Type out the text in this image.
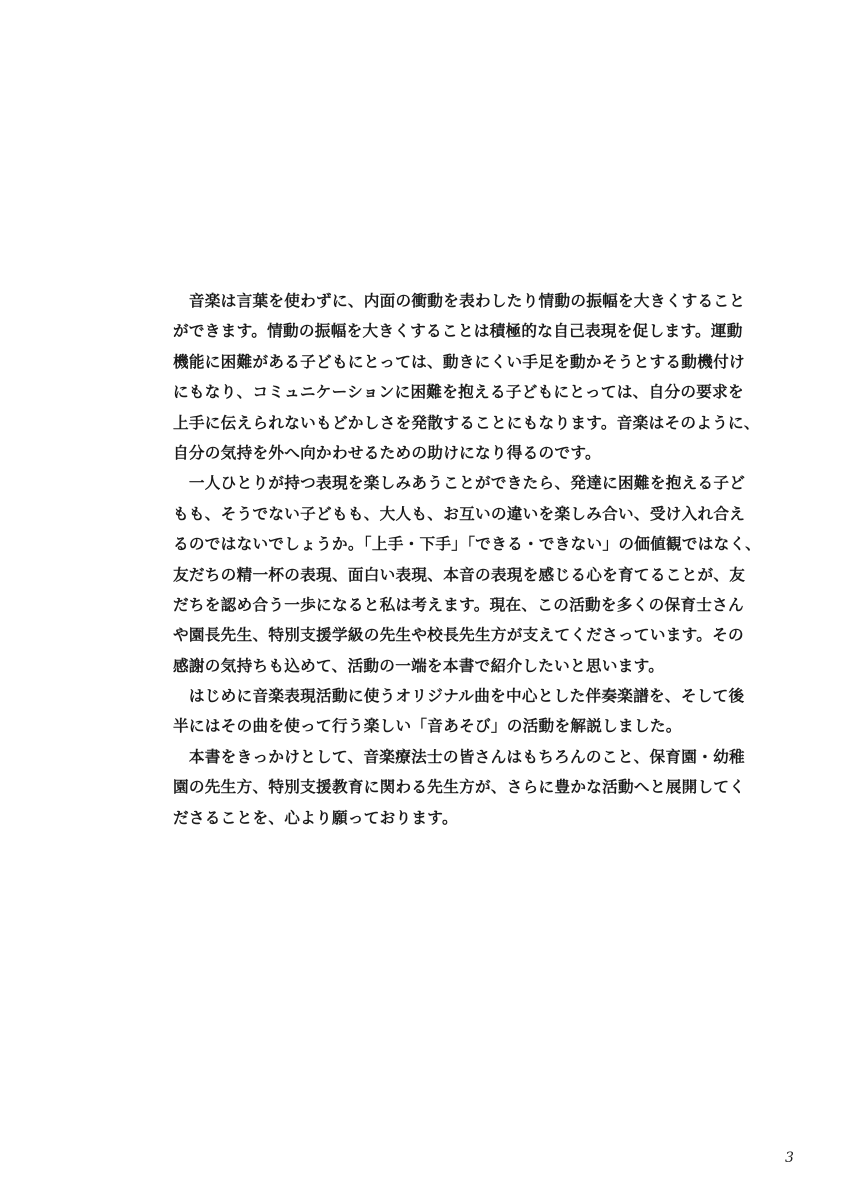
　音楽は言葉を使わずに、内面の衝動を表わしたり情動の振幅を大きくすること
ができます。情動の振幅を大きくすることは積極的な自己表現を促します。運動
機能に困難がある子どもにとっては、動きにくい手足を動かそうとする動機付け
にもなり、コミュニケーションに困難を抱える子どもにとっては、自分の要求を
上手に伝えられないもどかしさを発散することにもなります。音楽はそのように、
自分の気持を外へ向かわせるための助けになり得るのです。
　一人ひとりが持つ表現を楽しみあうことができたら、発達に困難を抱える子ど
もも、そうでない子どもも、大人も、お互いの違いを楽しみ合い、受け入れ合え
るのではないでしょうか。「上手・下手」「できる・できない」の価値観ではなく、
友だちの精一杯の表現、面白い表現、本音の表現を感じる心を育てることが、友
だちを認め合う一歩になると私は考えます。現在、この活動を多くの保育士さん
や園長先生、特別支援学級の先生や校長先生方が支えてくださっています。その
感謝の気持ちも込めて、活動の一端を本書で紹介したいと思います。
　はじめに音楽表現活動に使うオリジナル曲を中心とした伴奏楽譜を、そして後
半にはその曲を使って行う楽しい「音あそび」の活動を解説しました。
　本書をきっかけとして、音楽療法士の皆さんはもちろんのこと、保育園・幼稚
園の先生方、特別支援教育に関わる先生方が、さらに豊かな活動へと展開してく
ださることを、心より願っております。
3
